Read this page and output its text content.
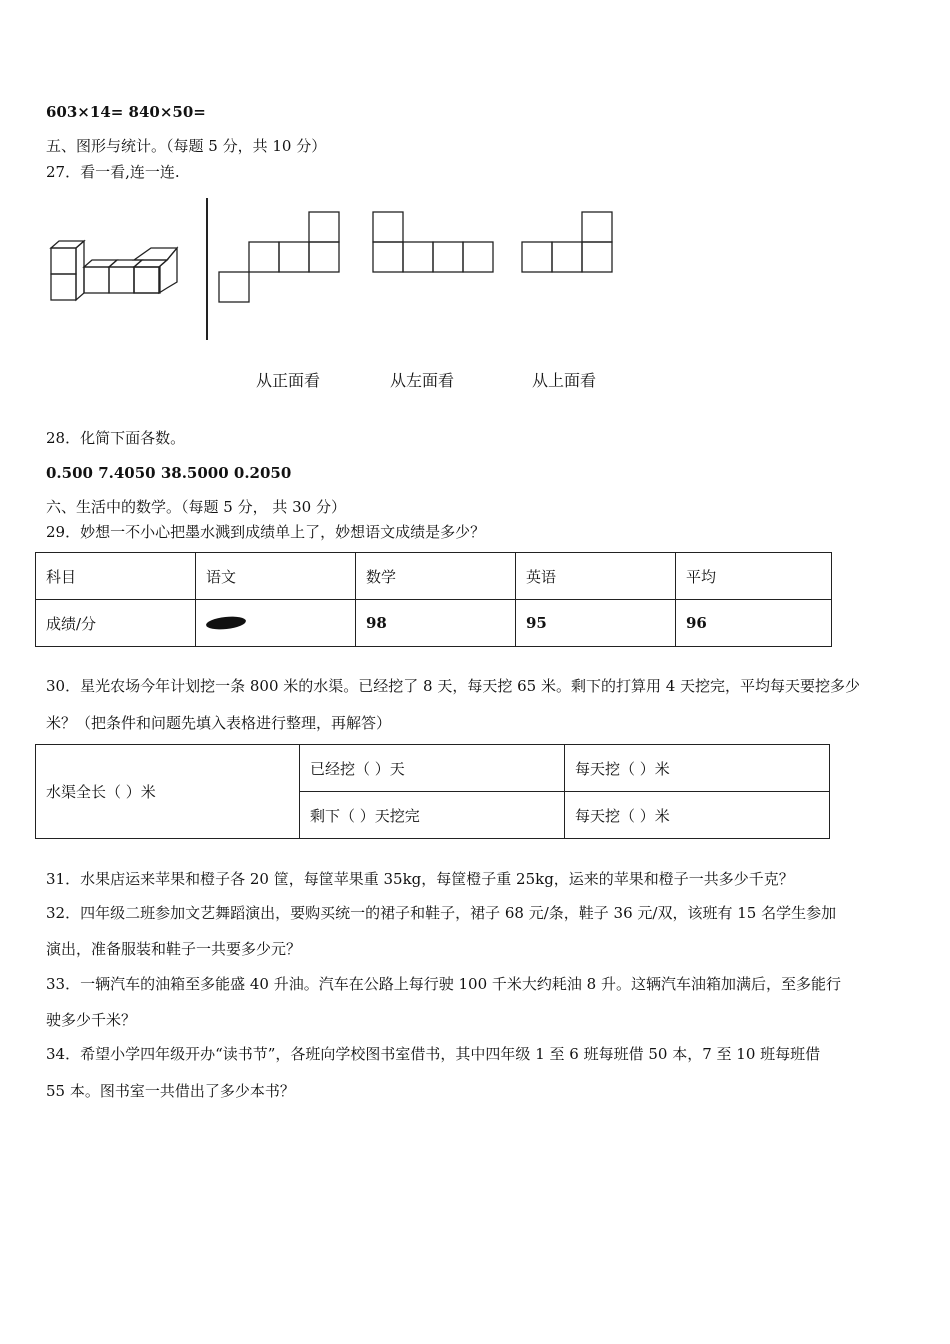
603×14= 840×50=
五、图形与统计。（每题 5 分，共 10 分）
27．看一看,连一连.
从正面看	从左面看	从上面看
28．化简下面各数。
0.500 7.4050 38.5000 0.2050
六、生活中的数学。（每题 5 分， 共 30 分）
29．妙想一不小心把墨水溅到成绩单上了，妙想语文成绩是多少？
科目	语文	数学	英语	平均
成绩/分		98	95	96
30．星光农场今年计划挖一条 800 米的水渠。已经挖了 8 天，每天挖 65 米。剩下的打算用 4 天挖完，平均每天要挖多少
米？（把条件和问题先填入表格进行整理，再解答）
水渠全长（ ）米	已经挖（ ）天	每天挖（ ）米
	剩下（ ）天挖完	每天挖（ ）米
31．水果店运来苹果和橙子各 20 筐，每筐苹果重 35kg，每筐橙子重 25kg，运来的苹果和橙子一共多少千克？
32．四年级二班参加文艺舞蹈演出，要购买统一的裙子和鞋子，裙子 68 元/条，鞋子 36 元/双，该班有 15 名学生参加
演出，准备服装和鞋子一共要多少元？
33．一辆汽车的油箱至多能盛 40 升油。汽车在公路上每行驶 100 千米大约耗油 8 升。这辆汽车油箱加满后，至多能行
驶多少千米？
34．希望小学四年级开办“读书节”，各班向学校图书室借书，其中四年级 1 至 6 班每班借 50 本，7 至 10 班每班借
55 本。图书室一共借出了多少本书？
